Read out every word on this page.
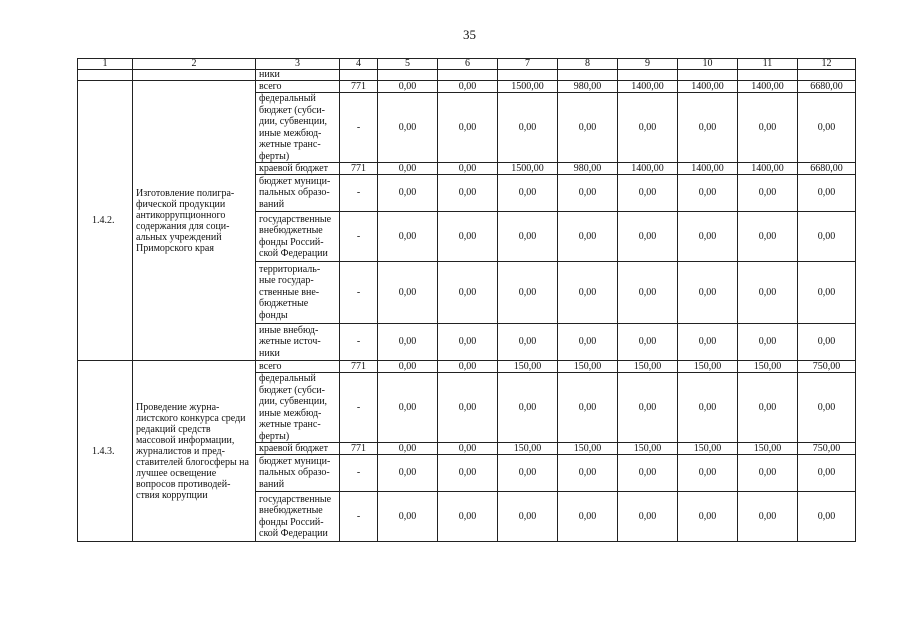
35
1	2	3	4	5	6	7	8	9	10	11	12
		ники									
1.4.2.	Изготовление полигра-фической продукции антикоррупционного содержания для соци-альных учреждений Приморского края	всего	771	0,00	0,00	1500,00	980,00	1400,00	1400,00	1400,00	6680,00
		федеральный бюджет (субси-дии, субвенции, иные межбюд-жетные транс-ферты)	-	0,00	0,00	0,00	0,00	0,00	0,00	0,00	0,00
		краевой бюджет	771	0,00	0,00	1500,00	980,00	1400,00	1400,00	1400,00	6680,00
		бюджет муници-пальных образо-ваний	-	0,00	0,00	0,00	0,00	0,00	0,00	0,00	0,00
		государственные внебюджетные фонды Россий-ской Федерации	-	0,00	0,00	0,00	0,00	0,00	0,00	0,00	0,00
		территориаль-ные государ-ственные вне-бюджетные фонды	-	0,00	0,00	0,00	0,00	0,00	0,00	0,00	0,00
		иные внебюд-жетные источ-ники	-	0,00	0,00	0,00	0,00	0,00	0,00	0,00	0,00
1.4.3.	Проведение журна-листского конкурса среди редакций средств массовой информации, журналистов и пред-ставителей блогосферы на лучшее освещение вопросов противодей-ствия коррупции	всего	771	0,00	0,00	150,00	150,00	150,00	150,00	150,00	750,00
		федеральный бюджет (субси-дии, субвенции, иные межбюд-жетные транс-ферты)	-	0,00	0,00	0,00	0,00	0,00	0,00	0,00	0,00
		краевой бюджет	771	0,00	0,00	150,00	150,00	150,00	150,00	150,00	750,00
		бюджет муници-пальных образо-ваний	-	0,00	0,00	0,00	0,00	0,00	0,00	0,00	0,00
		государственные внебюджетные фонды Россий-ской Федерации	-	0,00	0,00	0,00	0,00	0,00	0,00	0,00	0,00
